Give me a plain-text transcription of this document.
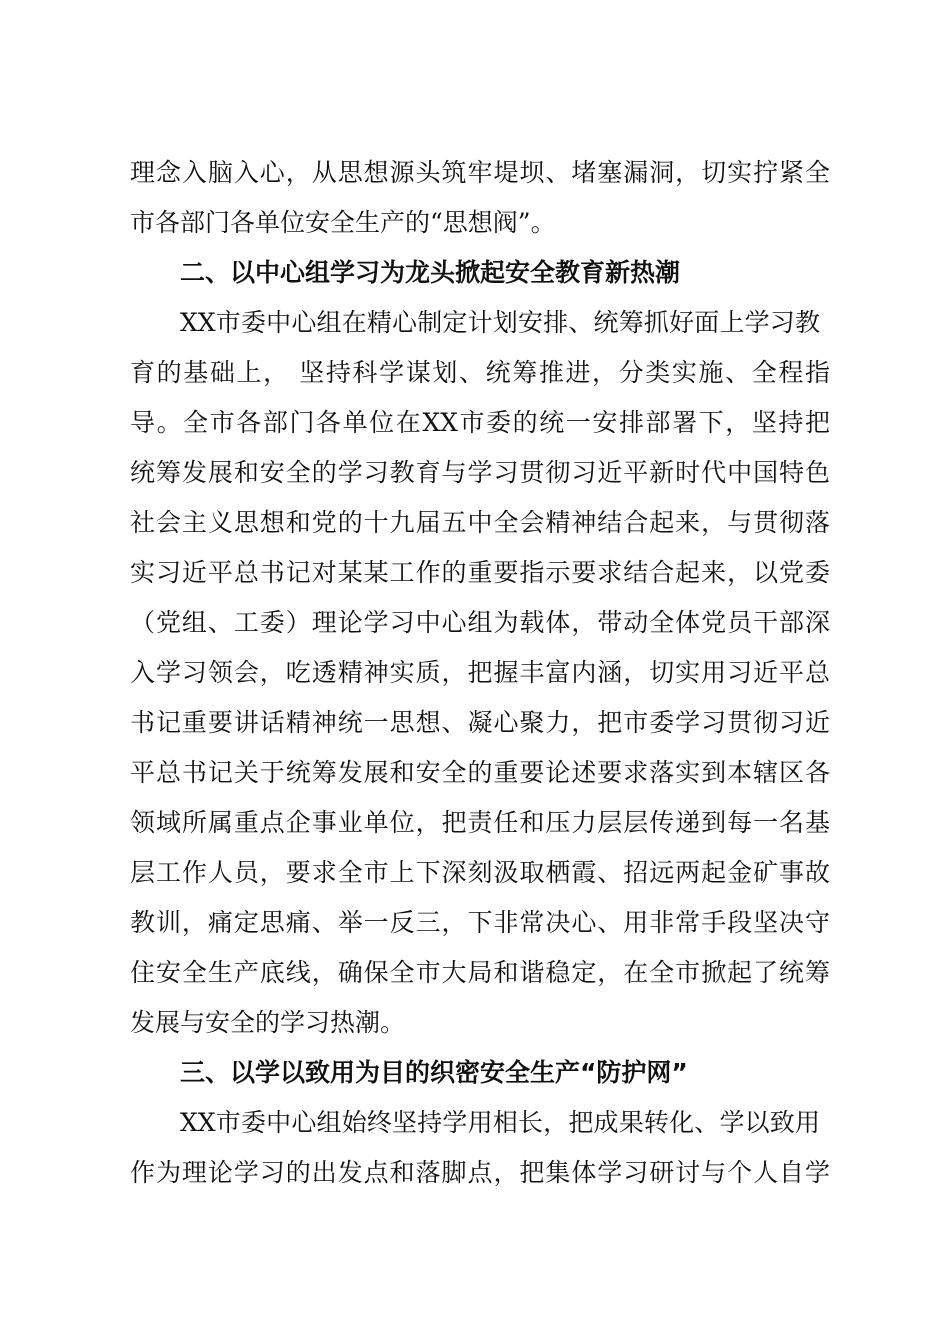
理念入脑入心，从思想源头筑牢堤坝、堵塞漏洞，切实拧紧全
市各部门各单位安全生产的“思想阀”。
二、以中心组学习为龙头掀起安全教育新热潮
XX市委中心组在精心制定计划安排、统筹抓好面上学习教
育的基础上， 坚持科学谋划、统筹推进，分类实施、全程指
导。全市各部门各单位在XX市委的统一安排部署下，坚持把
统筹发展和安全的学习教育与学习贯彻习近平新时代中国特色
社会主义思想和党的十九届五中全会精神结合起来，与贯彻落
实习近平总书记对某某工作的重要指示要求结合起来，以党委
（党组、工委）理论学习中心组为载体，带动全体党员干部深
入学习领会，吃透精神实质，把握丰富内涵，切实用习近平总
书记重要讲话精神统一思想、凝心聚力，把市委学习贯彻习近
平总书记关于统筹发展和安全的重要论述要求落实到本辖区各
领域所属重点企事业单位，把责任和压力层层传递到每一名基
层工作人员，要求全市上下深刻汲取栖霞、招远两起金矿事故
教训，痛定思痛、举一反三，下非常决心、用非常手段坚决守
住安全生产底线，确保全市大局和谐稳定，在全市掀起了统筹
发展与安全的学习热潮。
三、以学以致用为目的织密安全生产“防护网”
XX市委中心组始终坚持学用相长，把成果转化、学以致用
作为理论学习的出发点和落脚点，把集体学习研讨与个人自学
